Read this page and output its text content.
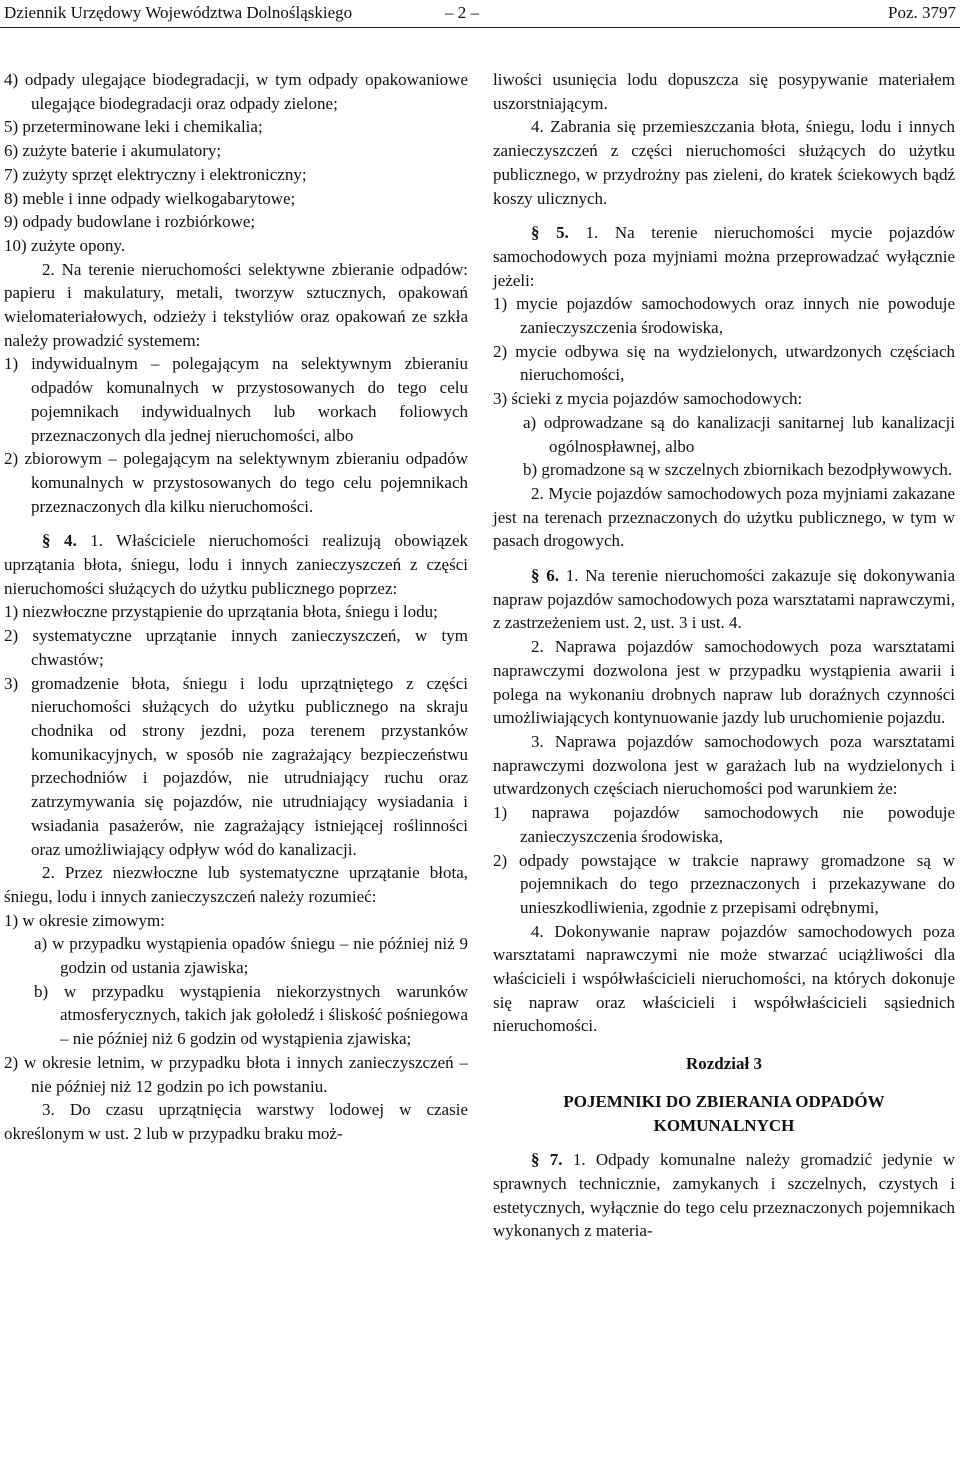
Dziennik Urzędowy Województwa Dolnośląskiego	– 2 –	Poz. 3797

4) odpady ulegające biodegradacji, w tym odpady opakowaniowe ulegające biodegradacji oraz odpady zielone;

5) przeterminowane leki i chemikalia;

6) zużyte baterie i akumulatory;

7) zużyty sprzęt elektryczny i elektroniczny;

8) meble i inne odpady wielkogabarytowe;

9) odpady budowlane i rozbiórkowe;

10) zużyte opony.

2. Na terenie nieruchomości selektywne zbieranie odpadów: papieru i makulatury, metali, tworzyw sztucznych, opakowań wielomateriałowych, odzieży i tekstyliów oraz opakowań ze szkła należy prowadzić systemem:

1) indywidualnym – polegającym na selektywnym zbieraniu odpadów komunalnych w przystosowanych do tego celu pojemnikach indywidualnych lub workach foliowych przeznaczonych dla jednej nieruchomości, albo

2) zbiorowym – polegającym na selektywnym zbieraniu odpadów komunalnych w przystosowanych do tego celu pojemnikach przeznaczonych dla kilku nieruchomości.

§ 4. 1. Właściciele nieruchomości realizują obowiązek uprzątania błota, śniegu, lodu i innych zanieczyszczeń z części nieruchomości służących do użytku publicznego poprzez:

1) niezwłoczne przystąpienie do uprzątania błota, śniegu i lodu;

2) systematyczne uprzątanie innych zanieczyszczeń, w tym chwastów;

3) gromadzenie błota, śniegu i lodu uprzątniętego z części nieruchomości służących do użytku publicznego na skraju chodnika od strony jezdni, poza terenem przystanków komunikacyjnych, w sposób nie zagrażający bezpieczeństwu przechodniów i pojazdów, nie utrudniający ruchu oraz zatrzymywania się pojazdów, nie utrudniający wysiadania i wsiadania pasażerów, nie zagrażający istniejącej roślinności oraz umożliwiający odpływ wód do kanalizacji.

2. Przez niezwłoczne lub systematyczne uprzątanie błota, śniegu, lodu i innych zanieczyszczeń należy rozumieć:

1) w okresie zimowym:

a) w przypadku wystąpienia opadów śniegu – nie później niż 9 godzin od ustania zjawiska;

b) w przypadku wystąpienia niekorzystnych warunków atmosferycznych, takich jak gołoledź i śliskość pośniegowa – nie później niż 6 godzin od wystąpienia zjawiska;

2) w okresie letnim, w przypadku błota i innych zanieczyszczeń – nie później niż 12 godzin po ich powstaniu.

3. Do czasu uprzątnięcia warstwy lodowej w czasie określonym w ust. 2 lub w przypadku braku moż-

liwości usunięcia lodu dopuszcza się posypywanie materiałem uszorstniającym.

4. Zabrania się przemieszczania błota, śniegu, lodu i innych zanieczyszczeń z części nieruchomości służących do użytku publicznego, w przydrożny pas zieleni, do kratek ściekowych bądź koszy ulicznych.

§ 5. 1. Na terenie nieruchomości mycie pojazdów samochodowych poza myjniami można przeprowadzać wyłącznie jeżeli:

1) mycie pojazdów samochodowych oraz innych nie powoduje zanieczyszczenia środowiska,

2) mycie odbywa się na wydzielonych, utwardzonych częściach nieruchomości,

3) ścieki z mycia pojazdów samochodowych:

a) odprowadzane są do kanalizacji sanitarnej lub kanalizacji ogólnospławnej, albo

b) gromadzone są w szczelnych zbiornikach bezodpływowych.

2. Mycie pojazdów samochodowych poza myjniami zakazane jest na terenach przeznaczonych do użytku publicznego, w tym w pasach drogowych.

§ 6. 1. Na terenie nieruchomości zakazuje się dokonywania napraw pojazdów samochodowych poza warsztatami naprawczymi, z zastrzeżeniem ust. 2, ust. 3 i ust. 4.

2. Naprawa pojazdów samochodowych poza warsztatami naprawczymi dozwolona jest w przypadku wystąpienia awarii i polega na wykonaniu drobnych napraw lub doraźnych czynności umożliwiających kontynuowanie jazdy lub uruchomienie pojazdu.

3. Naprawa pojazdów samochodowych poza warsztatami naprawczymi dozwolona jest w garażach lub na wydzielonych i utwardzonych częściach nieruchomości pod warunkiem że:

1) naprawa pojazdów samochodowych nie powoduje zanieczyszczenia środowiska,

2) odpady powstające w trakcie naprawy gromadzone są w pojemnikach do tego przeznaczonych i przekazywane do unieszkodliwienia, zgodnie z przepisami odrębnymi,

4. Dokonywanie napraw pojazdów samochodowych poza warsztatami naprawczymi nie może stwarzać uciążliwości dla właścicieli i współwłaścicieli nieruchomości, na których dokonuje się napraw oraz właścicieli i współwłaścicieli sąsiednich nieruchomości.

Rozdział 3

POJEMNIKI DO ZBIERANIA ODPADÓW KOMUNALNYCH

§ 7. 1. Odpady komunalne należy gromadzić jedynie w sprawnych technicznie, zamykanych i szczelnych, czystych i estetycznych, wyłącznie do tego celu przeznaczonych pojemnikach wykonanych z materia-
